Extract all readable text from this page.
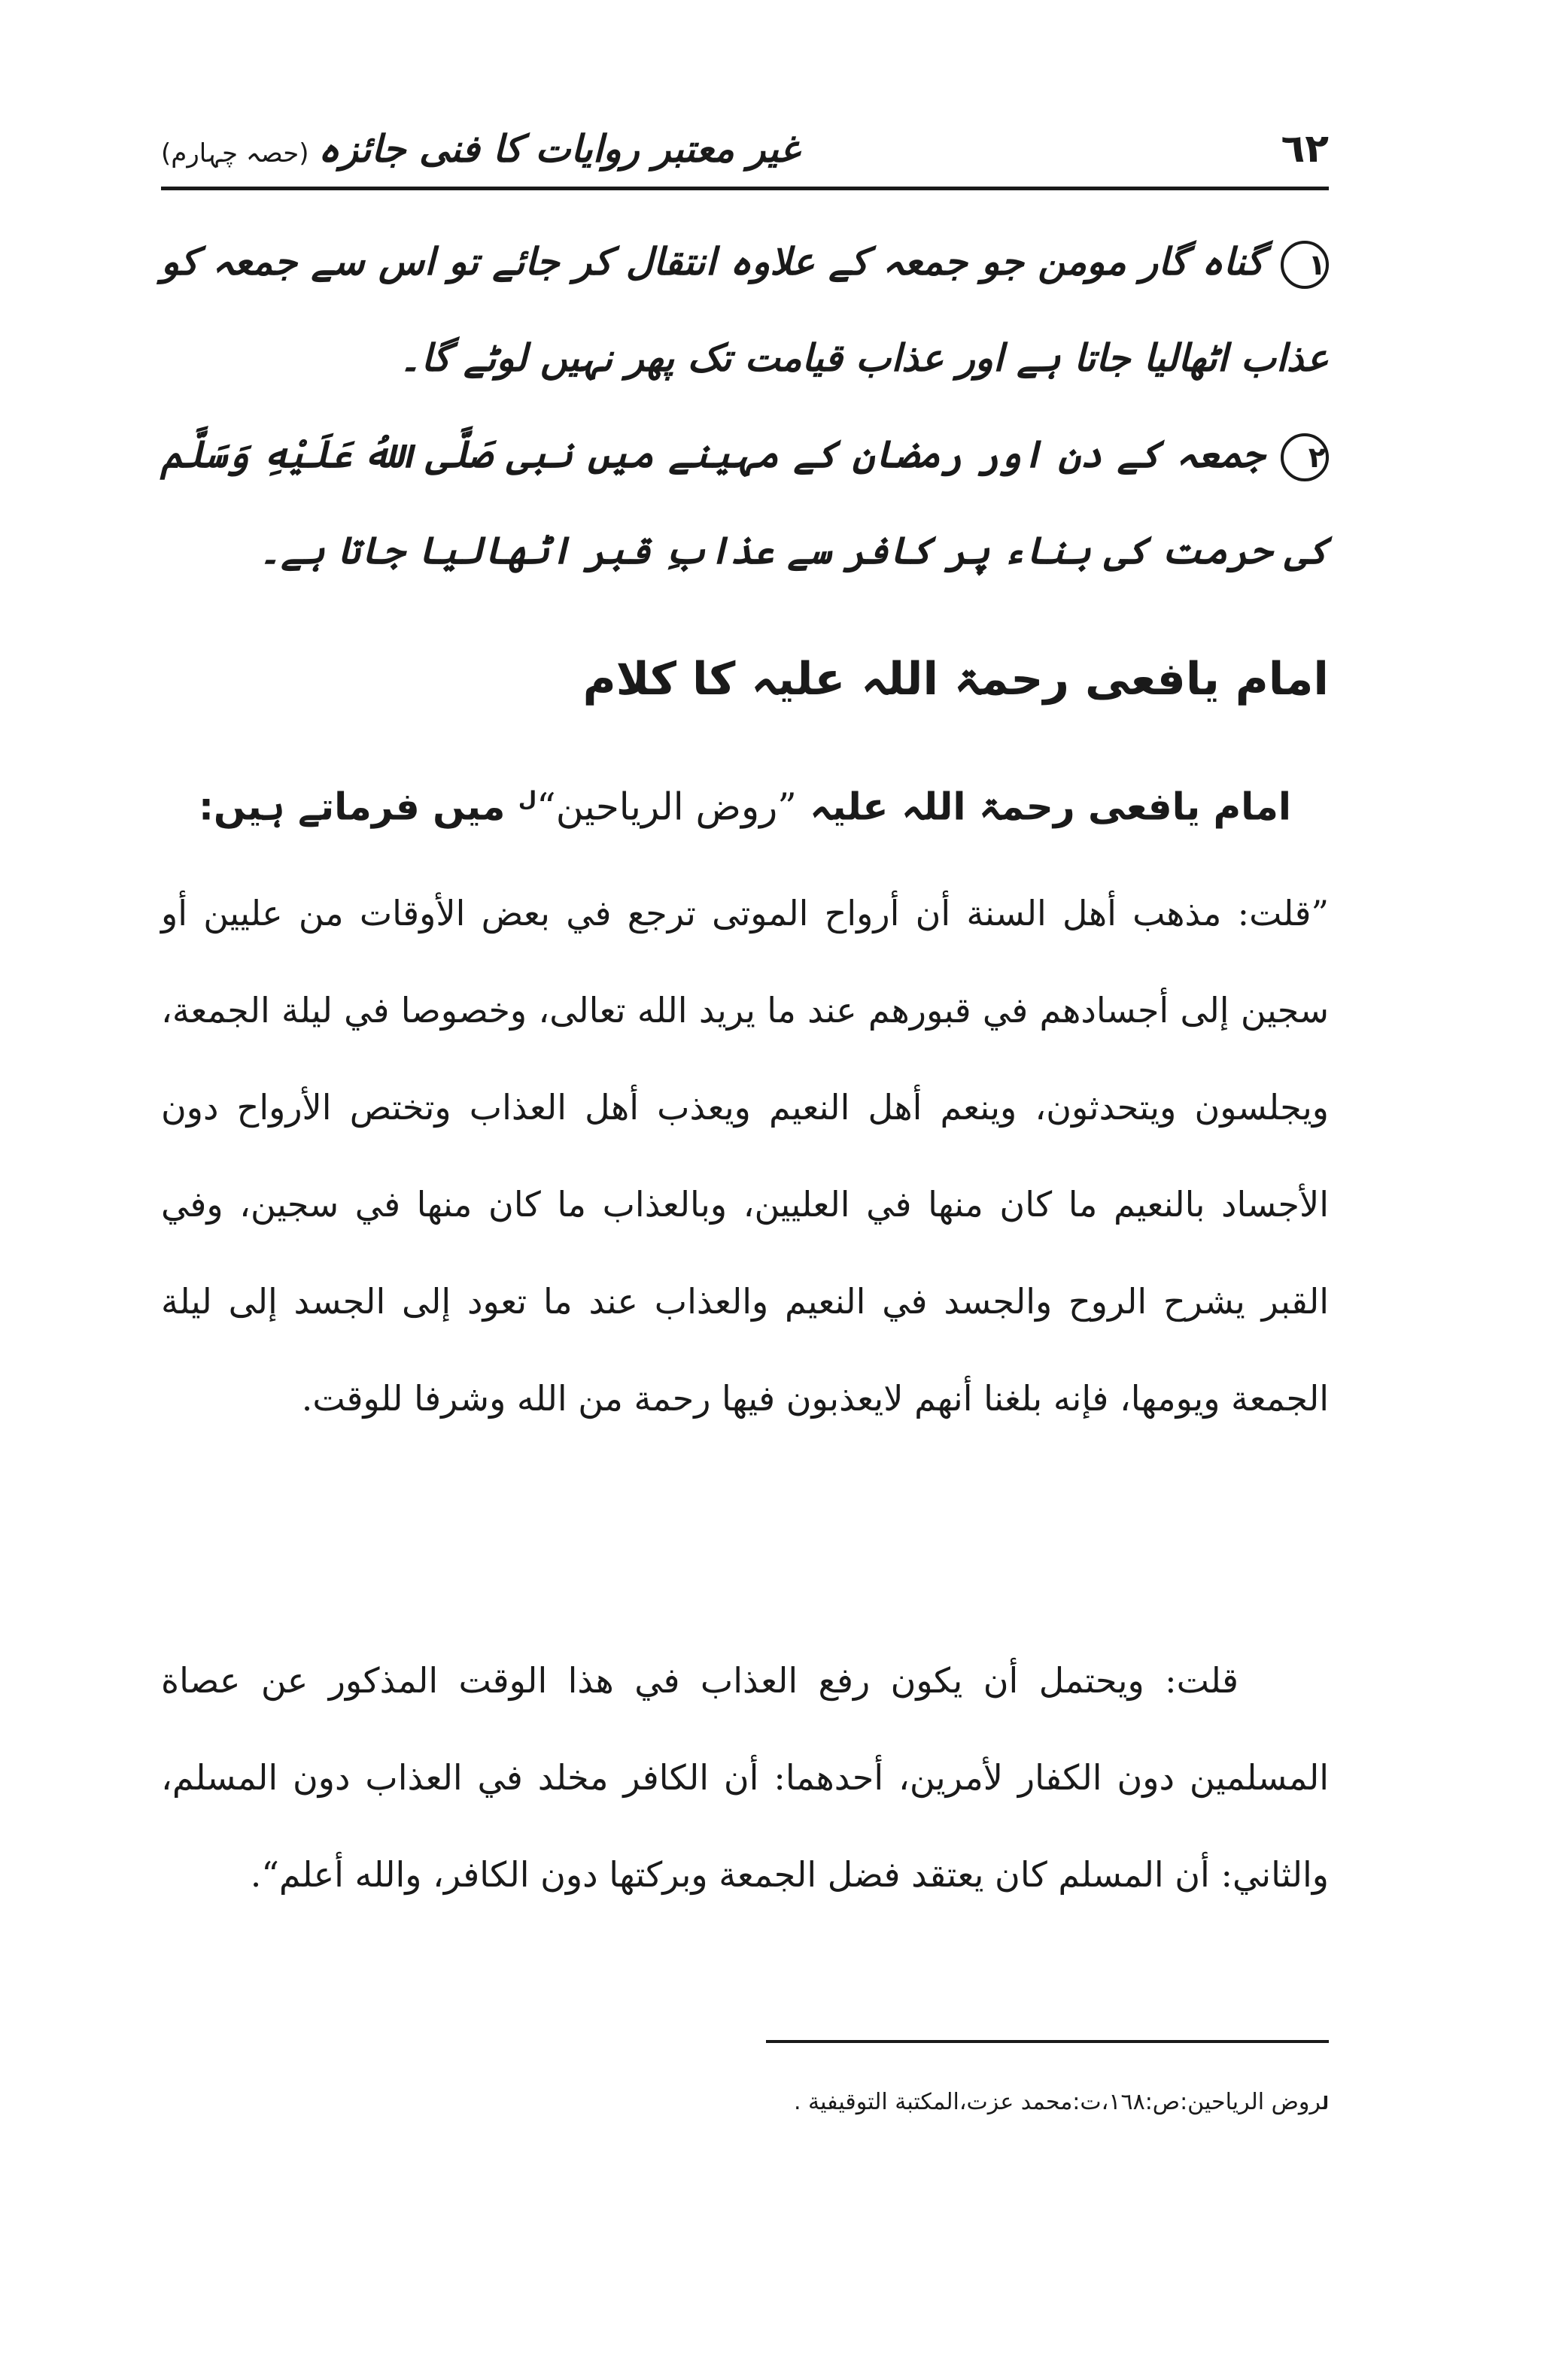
٦٢
غیر معتبر روایات کا فنی جائزہ(حصہ چہارم)
١گناہ گار مومن جو جمعہ کے علاوہ انتقال کر جائے تو اس سے جمعہ کو عذاب اٹھالیا جاتا ہے اور عذاب قیامت تک پھر نہیں لوٹے گا۔
٢جمعہ کے دن اور رمضان کے مہینے میں نبی صَلَّى اللهُ عَلَيْهِ وَسَلَّم کی حرمت کی بناء پر کافر سے عذابِ قبر اٹھالیا جاتا ہے۔
امام یافعی رحمۃ اللہ علیہ کا کلام
امام یافعی رحمۃ اللہ علیہ ”روض الرياحين“$^ل$ میں فرماتے ہیں:

”قلت: مذهب أهل السنة أن أرواح الموتى ترجع في بعض الأوقات من عليين أو سجين إلى أجسادهم في قبورهم عند ما يريد الله تعالى، وخصوصا في ليلة الجمعة، ويجلسون ويتحدثون، وينعم أهل النعيم ويعذب أهل العذاب وتختص الأرواح دون الأجساد بالنعيم ما كان منها في العليين، وبالعذاب ما كان منها في سجين، وفي القبر يشرح الروح والجسد في النعيم والعذاب عند ما تعود إلى الجسد إلى ليلة الجمعة ويومها، فإنه بلغنا أنهم لايعذبون فيها رحمة من الله وشرفا للوقت.

قلت: ويحتمل أن يكون رفع العذاب في هذا الوقت المذكور عن عصاة المسلمين دون الكفار لأمرين، أحدهما: أن الكافر مخلد في العذاب دون المسلم، والثاني: أن المسلم كان يعتقد فضل الجمعة وبركتها دون الكافر، والله أعلم“.

لروض الرياحين:ص:١٦٨،ت:محمد عزت،المكتبة التوقيفية .
